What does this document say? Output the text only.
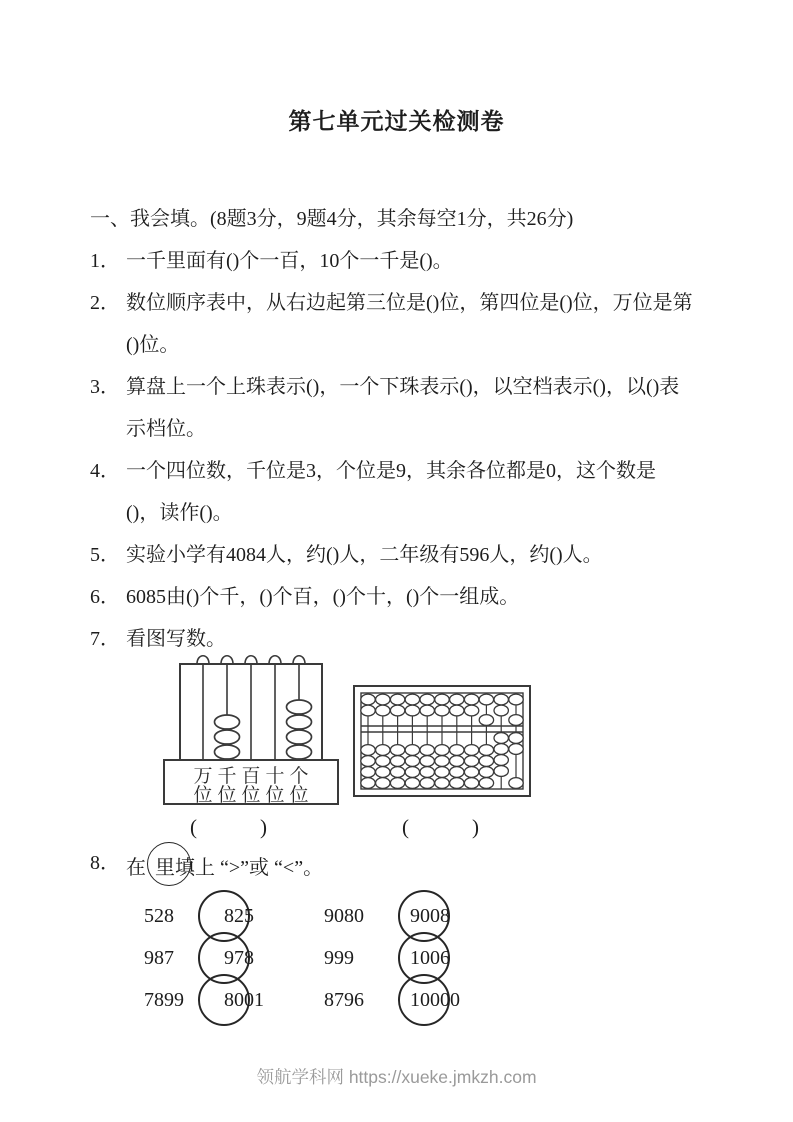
第七单元过关检测卷

一、我会填。(8题3分，9题4分，其余每空1分，共26分)

1． 一千里面有()个一百，10个一千是()。
2． 数位顺序表中，从右边起第三位是()位，第四位是()位，万位是第
()位。
3． 算盘上一个上珠表示()，一个下珠表示()，以空档表示()，以()表
示档位。
4． 一个四位数，千位是3，个位是9，其余各位都是0，这个数是
()，读作()。
5． 实验小学有4084人，约()人，二年级有596人，约()人。
6． 6085由()个千，()个百，()个十，()个一组成。
7． 看图写数。
万
位
千
位
百
位
十
位
个
位
(　　　)	(　　　)
8． 在 里填上 “>”或 “<”。
528	825	9080	9008
987	978	999	1006
7899	8001	8796	10000
领航学科网 https://xueke.jmkzh.com
